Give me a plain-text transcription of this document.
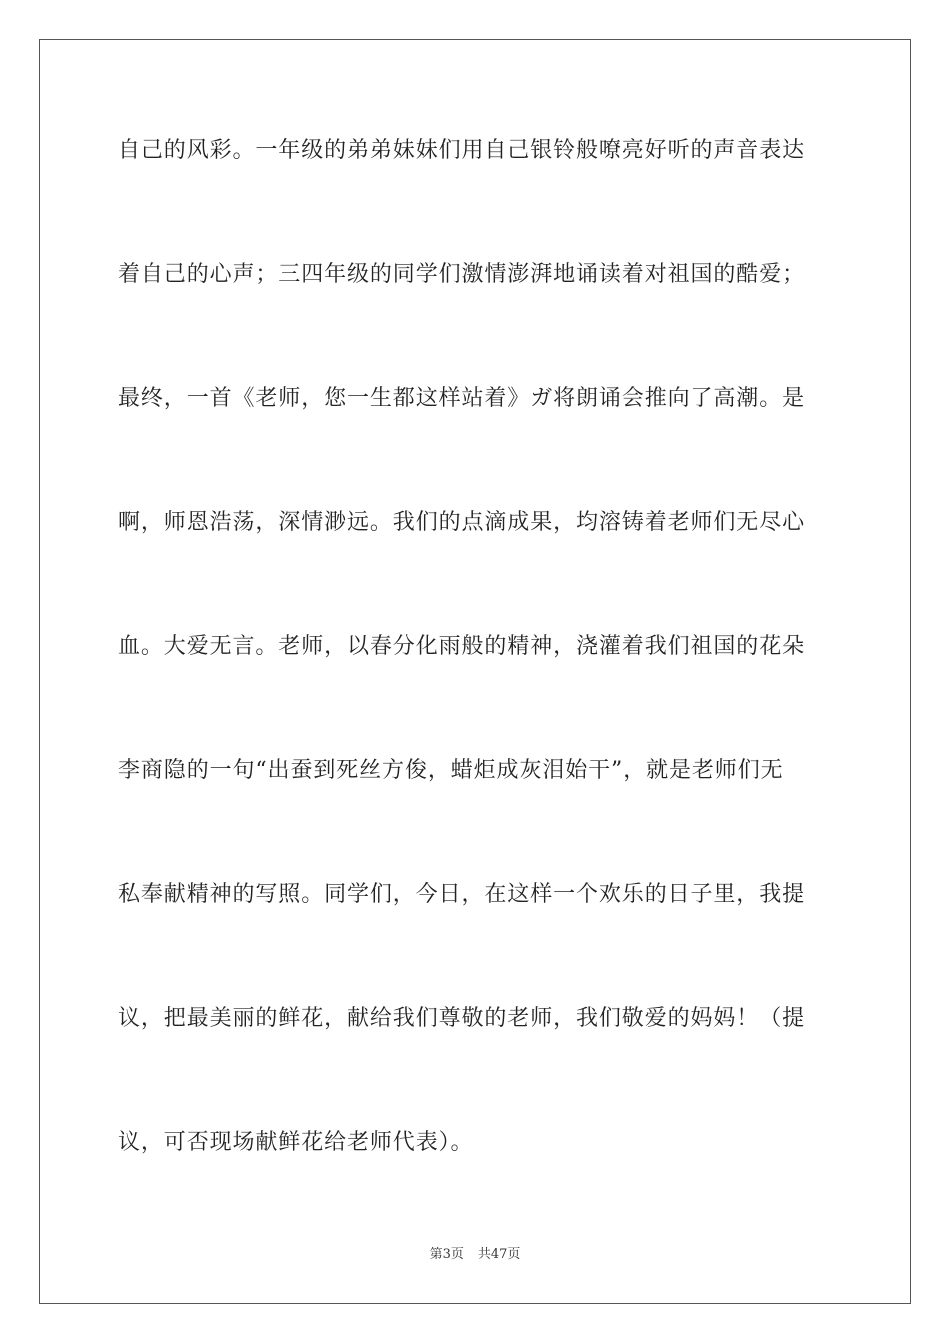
自己的风彩。一年级的弟弟妹妹们用自己银铃般嘹亮好听的声音表达
着自己的心声；三四年级的同学们激情澎湃地诵读着对祖国的酷爱；
最终，一首《老师，您一生都这样站着》ガ将朗诵会推向了高潮。是
啊，师恩浩荡，深情渺远。我们的点滴成果，均溶铸着老师们无尽心
血。大爱无言。老师，以春分化雨般的精神，浇灌着我们祖国的花朵
李商隐的一句“出蚕到死丝方俊，蜡炬成灰泪始干”，就是老师们无
私奉献精神的写照。同学们，今日，在这样一个欢乐的日子里，我提
议，把最美丽的鲜花，献给我们尊敬的老师，我们敬爱的妈妈！（提
议，可否现场献鲜花给老师代表）。
第3页 共47页
